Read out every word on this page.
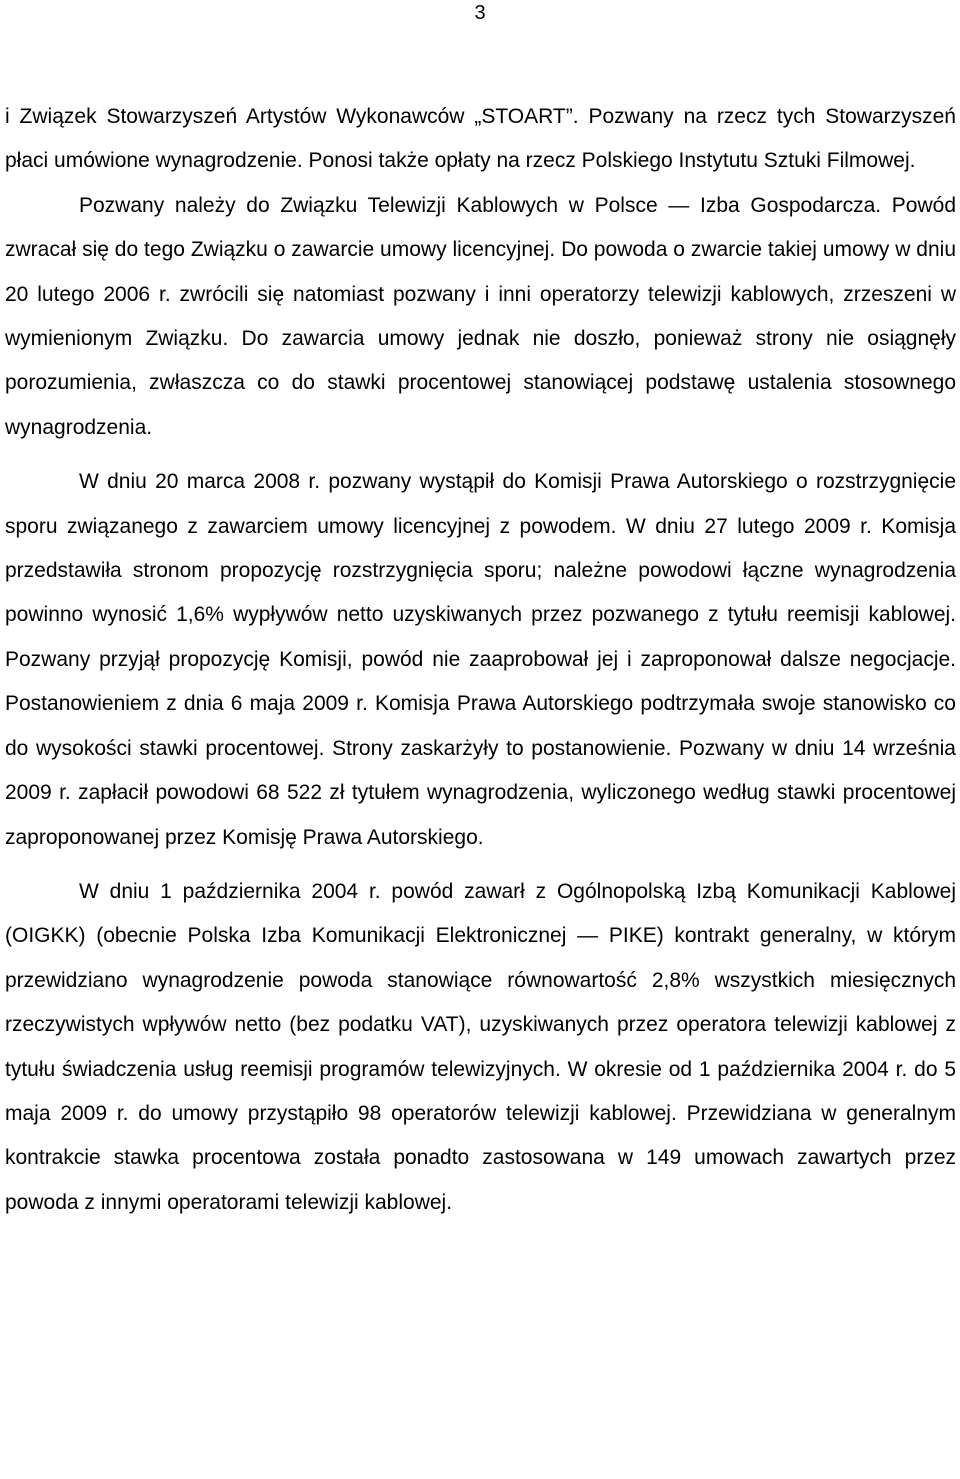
3

i Związek Stowarzyszeń Artystów Wykonawców „STOART”. Pozwany na rzecz tych Stowarzyszeń płaci umówione wynagrodzenie. Ponosi także opłaty na rzecz Polskiego Instytutu Sztuki Filmowej.

Pozwany należy do Związku Telewizji Kablowych w Polsce — Izba Gospodarcza. Powód zwracał się do tego Związku o zawarcie umowy licencyjnej. Do powoda o zwarcie takiej umowy w dniu 20 lutego 2006 r. zwrócili się natomiast pozwany i inni operatorzy telewizji kablowych, zrzeszeni w wymienionym Związku. Do zawarcia umowy jednak nie doszło, ponieważ strony nie osiągnęły porozumienia, zwłaszcza co do stawki procentowej stanowiącej podstawę ustalenia stosownego wynagrodzenia.

W dniu 20 marca 2008 r. pozwany wystąpił do Komisji Prawa Autorskiego o rozstrzygnięcie sporu związanego z zawarciem umowy licencyjnej z powodem. W dniu 27 lutego 2009 r. Komisja przedstawiła stronom propozycję rozstrzygnięcia sporu; należne powodowi łączne wynagrodzenia powinno wynosić 1,6% wypływów netto uzyskiwanych przez pozwanego z tytułu reemisji kablowej. Pozwany przyjął propozycję Komisji, powód nie zaaprobował jej i zaproponował dalsze negocjacje. Postanowieniem z dnia 6 maja 2009 r. Komisja Prawa Autorskiego podtrzymała swoje stanowisko co do wysokości stawki procentowej. Strony zaskarżyły to postanowienie. Pozwany w dniu 14 września 2009 r. zapłacił powodowi 68 522 zł tytułem wynagrodzenia, wyliczonego według stawki procentowej zaproponowanej przez Komisję Prawa Autorskiego.

W dniu 1 października 2004 r. powód zawarł z Ogólnopolską Izbą Komunikacji Kablowej (OIGKK) (obecnie Polska Izba Komunikacji Elektronicznej — PIKE) kontrakt generalny, w którym przewidziano wynagrodzenie powoda stanowiące równowartość 2,8% wszystkich miesięcznych rzeczywistych wpływów netto (bez podatku VAT), uzyskiwanych przez operatora telewizji kablowej z tytułu świadczenia usług reemisji programów telewizyjnych. W okresie od 1 października 2004 r. do 5 maja 2009 r. do umowy przystąpiło 98 operatorów telewizji kablowej. Przewidziana w generalnym kontrakcie stawka procentowa została ponadto zastosowana w 149 umowach zawartych przez powoda z innymi operatorami telewizji kablowej.
